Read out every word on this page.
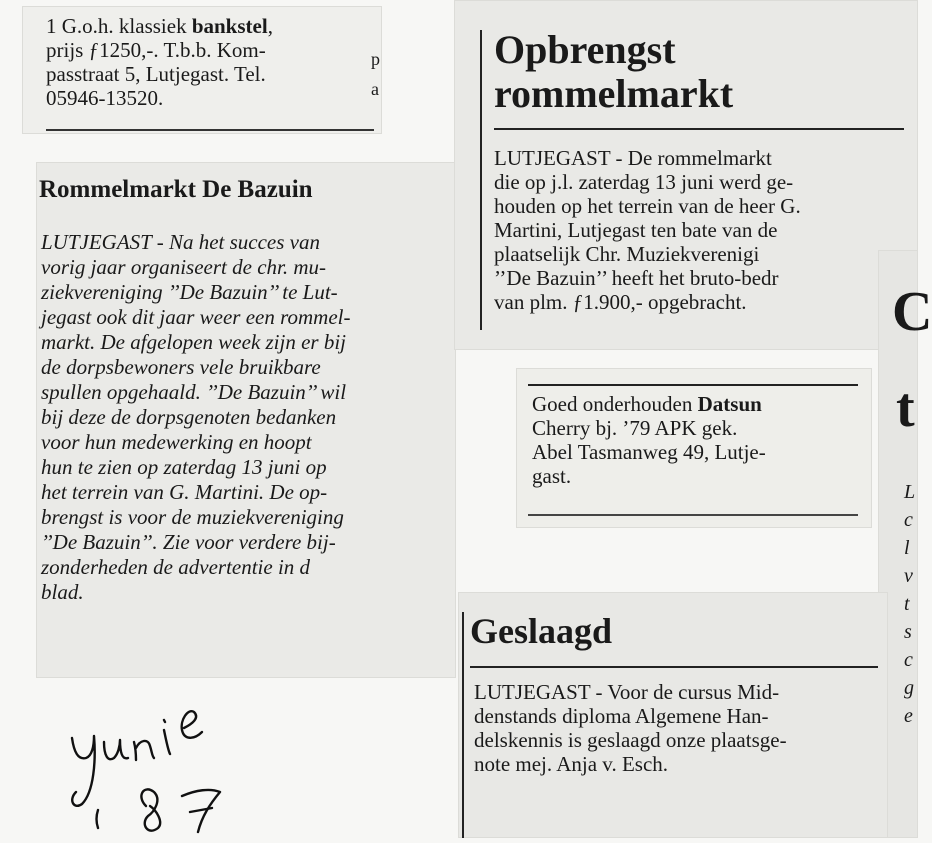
1 G.o.h. klassiek bankstel,
prijs ƒ1250,-. T.b.b. Kom-
passtraat 5, Lutjegast. Tel.
05946-13520.
p
a
Rommelmarkt De Bazuin
LUTJEGAST - Na het succes van
vorig jaar organiseert de chr. mu-
ziekvereniging ’’De Bazuin’’ te Lut-
jegast ook dit jaar weer een rommel-
markt. De afgelopen week zijn er bij
de dorpsbewoners vele bruikbare
spullen opgehaald. ’’De Bazuin’’ wil
bij deze de dorpsgenoten bedanken
voor hun medewerking en hoopt
hun te zien op zaterdag 13 juni op
het terrein van G. Martini. De op-
brengst is voor de muziekvereniging
’’De Bazuin’’. Zie voor verdere bij-
zonderheden de advertentie in d
blad.
Opbrengst
rommelmarkt
LUTJEGAST - De rommelmarkt
die op j.l. zaterdag 13 juni werd ge-
houden op het terrein van de heer G.
Martini, Lutjegast ten bate van de
plaatselijk Chr. Muziekverenigi
’’De Bazuin’’ heeft het bruto-bedr
van plm. ƒ1.900,- opgebracht.	C
t
L
c
l
v
t
s
c
g
e
Goed onderhouden Datsun
Cherry bj. ’79 APK gek.
Abel Tasmanweg 49, Lutje-
gast.
Geslaagd
LUTJEGAST - Voor de cursus Mid-
denstands diploma Algemene Han-
delskennis is geslaagd onze plaatsge-
note mej. Anja v. Esch.
